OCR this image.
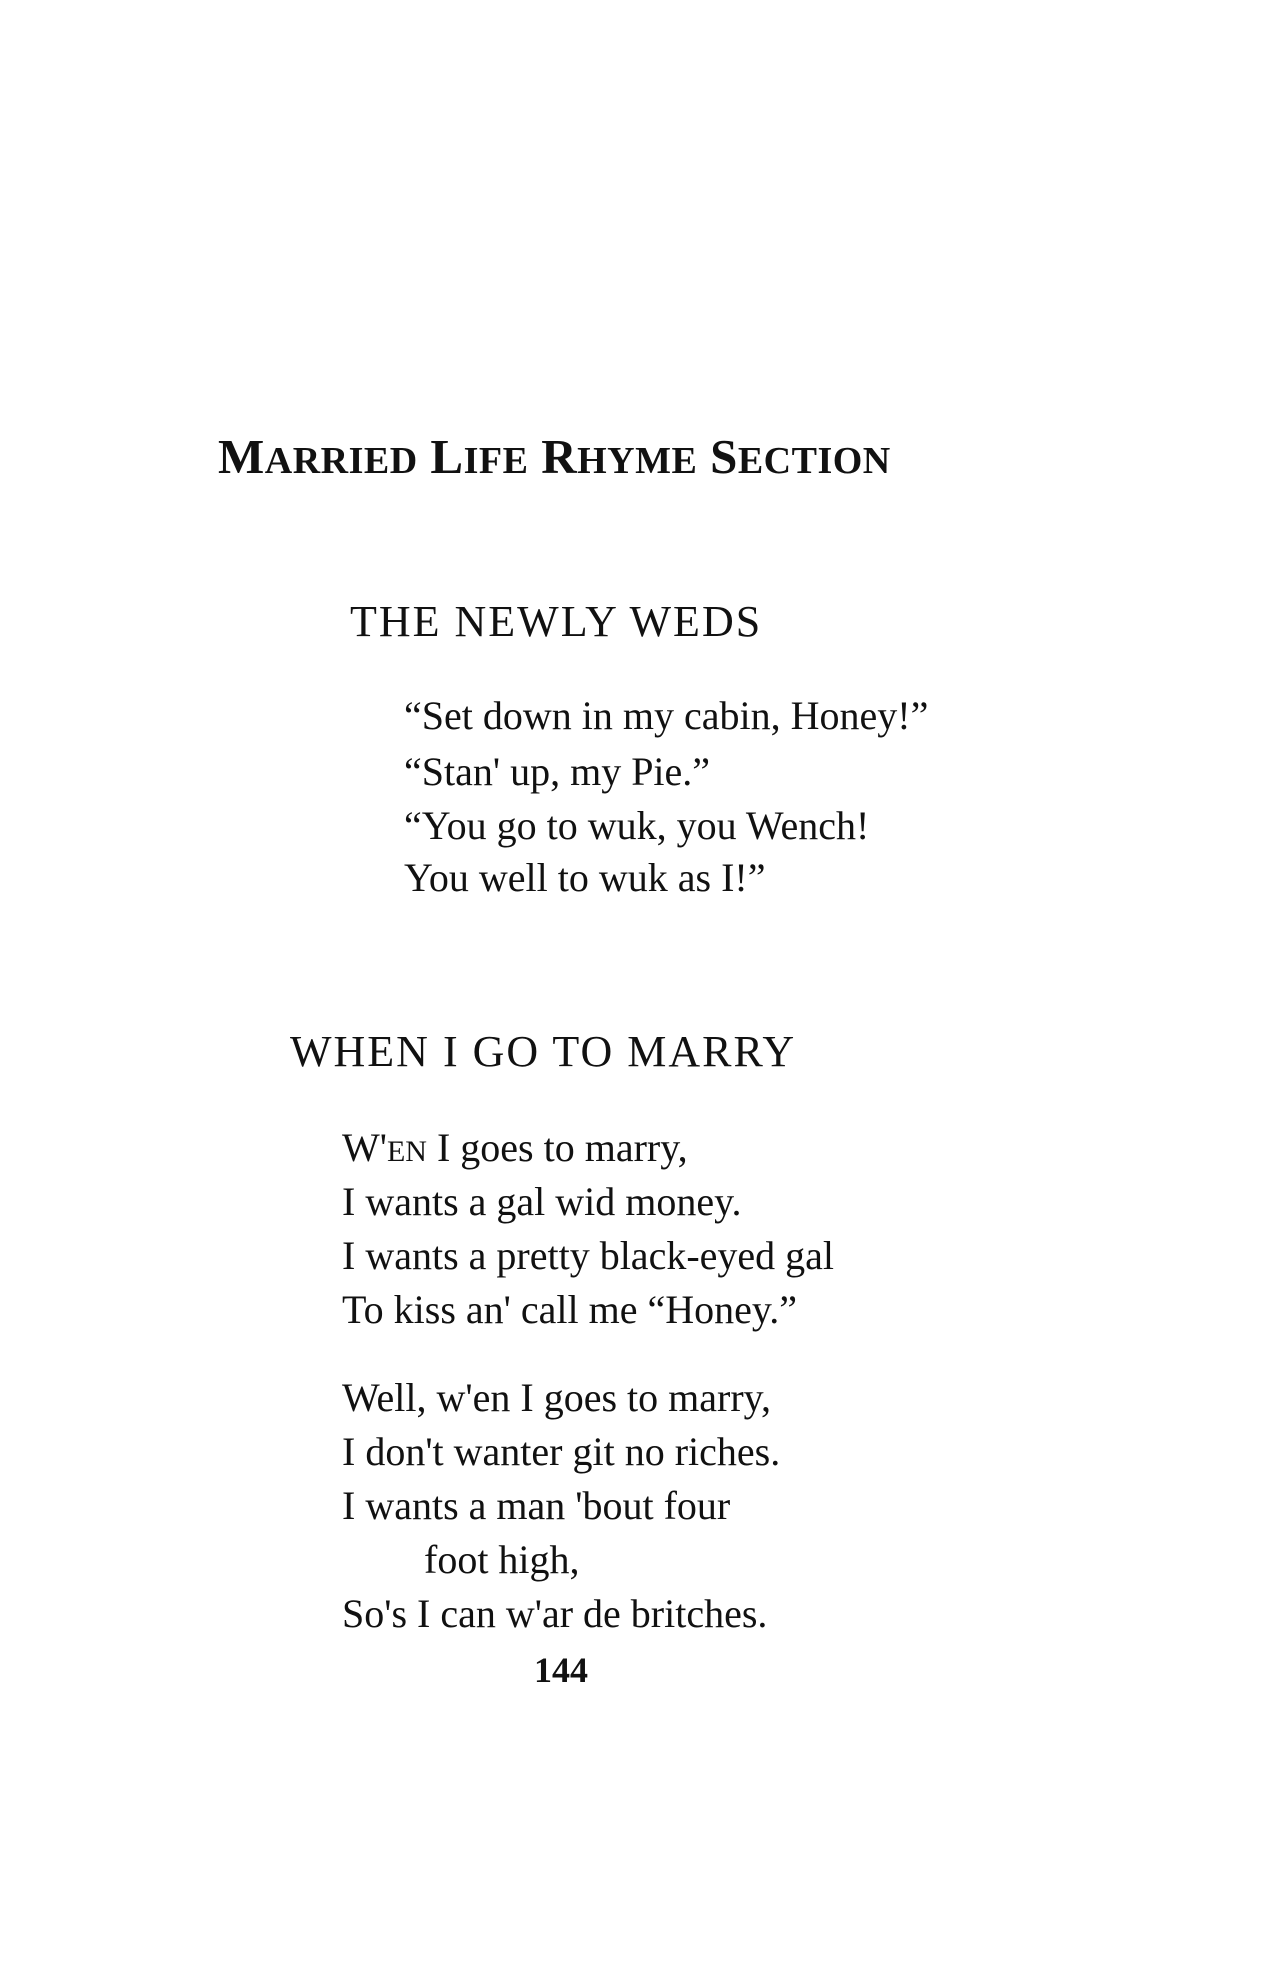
MARRIED LIFE RHYME SECTION
THE NEWLY WEDS
“Set down in my cabin, Honey!”
“Stan' up, my Pie.”
“You go to wuk, you Wench!
You well to wuk as I!”
WHEN I GO TO MARRY
W'EN I goes to marry,
I wants a gal wid money.
I wants a pretty black-eyed gal
To kiss an' call me “Honey.”
Well, w'en I goes to marry,
I don't wanter git no riches.
I wants a man 'bout four
foot high,
So's I can w'ar de britches.
144
